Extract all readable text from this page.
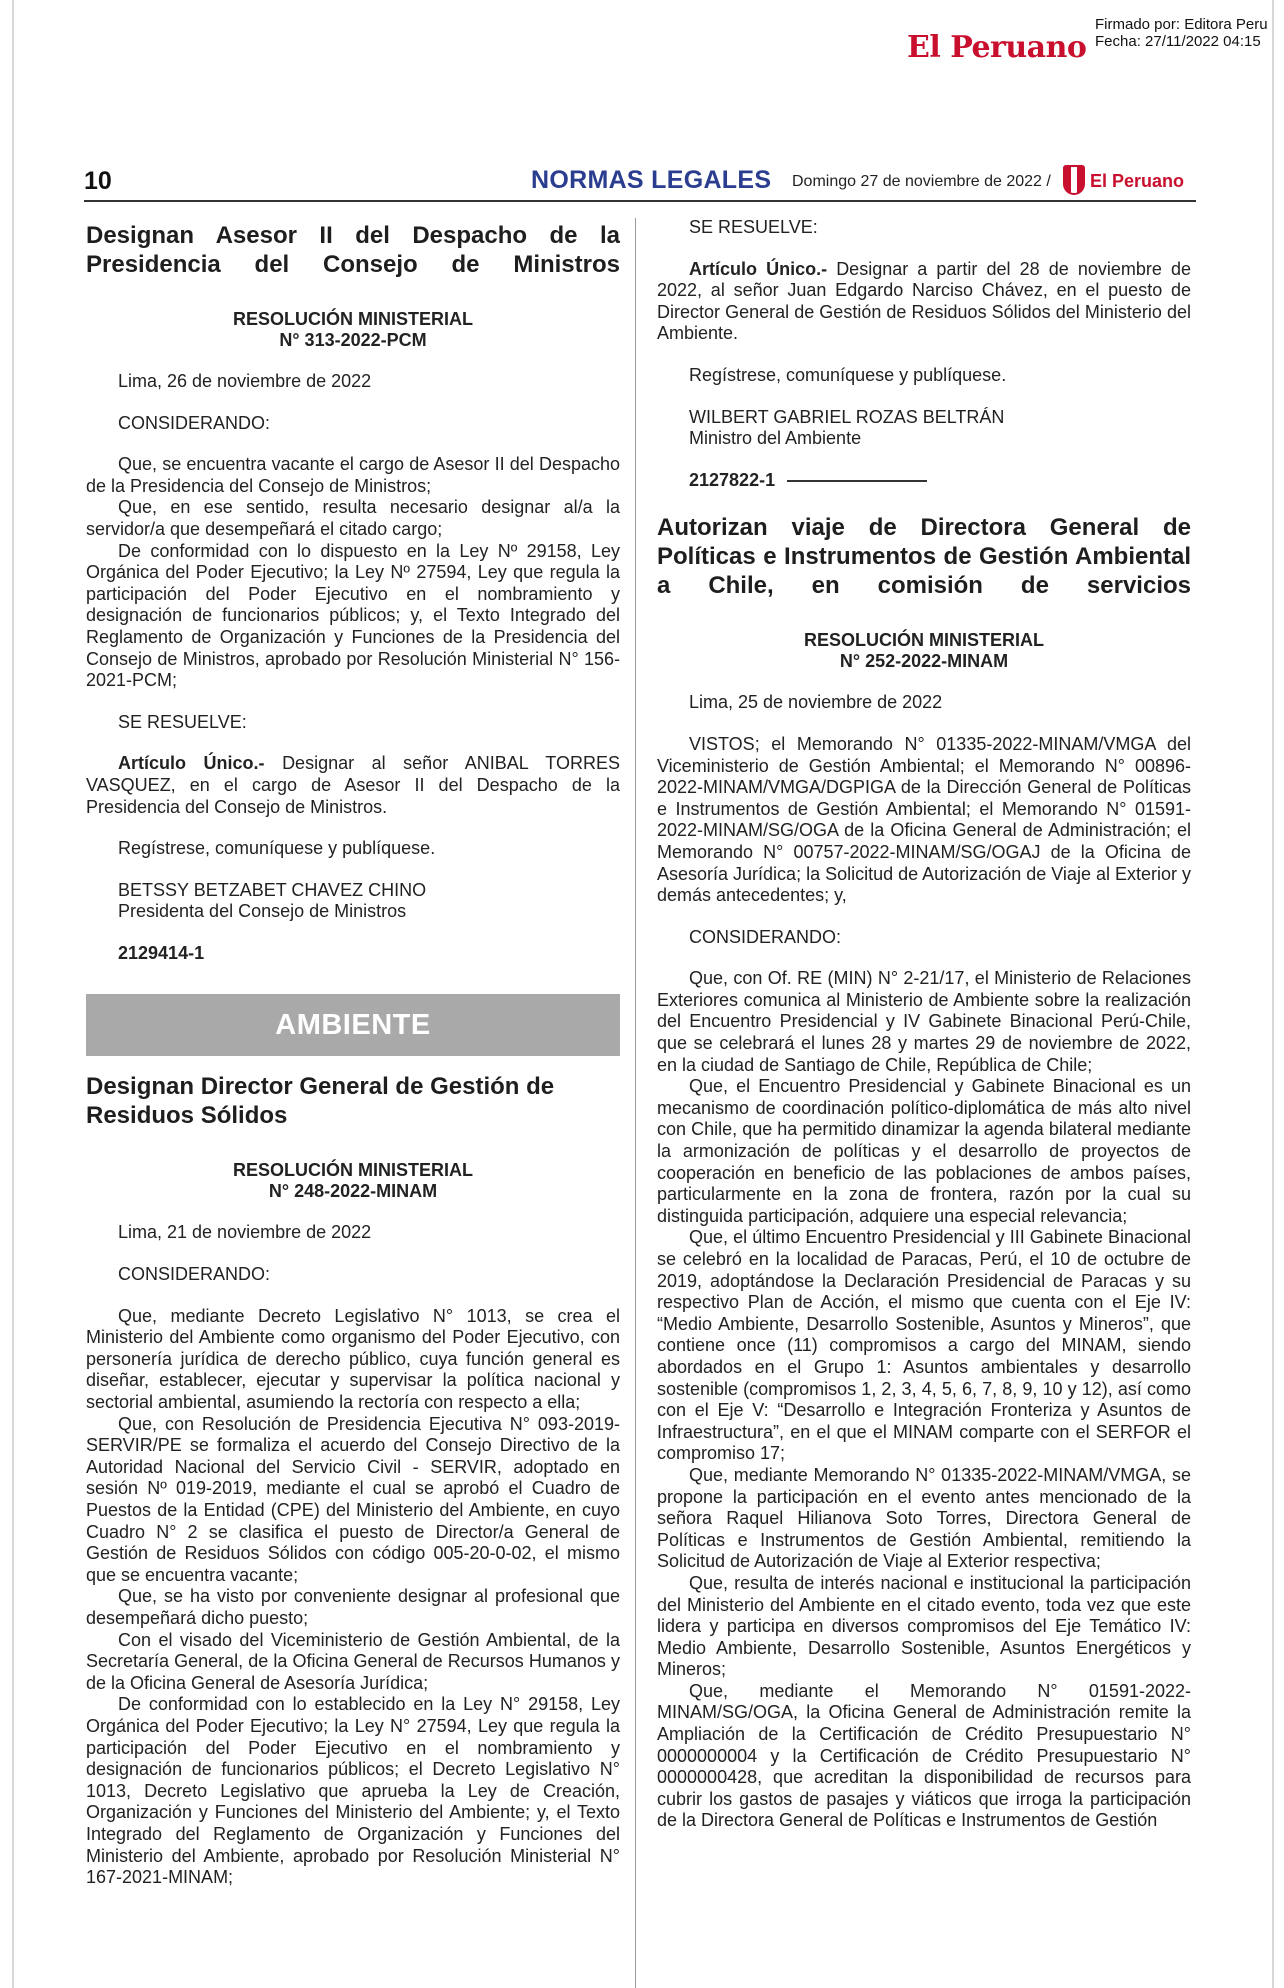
El Peruano
Firmado por: Editora Peru
Fecha: 27/11/2022 04:15
10	NORMAS LEGALES Domingo 27 de noviembre de 2022 / El Peruano
Designan Asesor II del Despacho de la Presidencia del Consejo de Ministros
RESOLUCIÓN MINISTERIAL
N° 313-2022-PCM

Lima, 26 de noviembre de 2022

CONSIDERANDO:

Que, se encuentra vacante el cargo de Asesor II del Despacho de la Presidencia del Consejo de Ministros;

Que, en ese sentido, resulta necesario designar al/a la servidor/a que desempeñará el citado cargo;

De conformidad con lo dispuesto en la Ley Nº 29158, Ley Orgánica del Poder Ejecutivo; la Ley Nº 27594, Ley que regula la participación del Poder Ejecutivo en el nombramiento y designación de funcionarios públicos; y, el Texto Integrado del Reglamento de Organización y Funciones de la Presidencia del Consejo de Ministros, aprobado por Resolución Ministerial N° 156-2021-PCM;

SE RESUELVE:

Artículo Único.- Designar al señor ANIBAL TORRES VASQUEZ, en el cargo de Asesor II del Despacho de la Presidencia del Consejo de Ministros.

Regístrese, comuníquese y publíquese.

BETSSY BETZABET CHAVEZ CHINO

Presidenta del Consejo de Ministros

2129414-1

AMBIENTE
Designan Director General de Gestión de Residuos Sólidos
RESOLUCIÓN MINISTERIAL
N° 248-2022-MINAM

Lima, 21 de noviembre de 2022

CONSIDERANDO:

Que, mediante Decreto Legislativo N° 1013, se crea el Ministerio del Ambiente como organismo del Poder Ejecutivo, con personería jurídica de derecho público, cuya función general es diseñar, establecer, ejecutar y supervisar la política nacional y sectorial ambiental, asumiendo la rectoría con respecto a ella;

Que, con Resolución de Presidencia Ejecutiva N° 093-2019-SERVIR/PE se formaliza el acuerdo del Consejo Directivo de la Autoridad Nacional del Servicio Civil - SERVIR, adoptado en sesión Nº 019-2019, mediante el cual se aprobó el Cuadro de Puestos de la Entidad (CPE) del Ministerio del Ambiente, en cuyo Cuadro N° 2 se clasifica el puesto de Director/a General de Gestión de Residuos Sólidos con código 005-20-0-02, el mismo que se encuentra vacante;

Que, se ha visto por conveniente designar al profesional que desempeñará dicho puesto;

Con el visado del Viceministerio de Gestión Ambiental, de la Secretaría General, de la Oficina General de Recursos Humanos y de la Oficina General de Asesoría Jurídica;

De conformidad con lo establecido en la Ley N° 29158, Ley Orgánica del Poder Ejecutivo; la Ley N° 27594, Ley que regula la participación del Poder Ejecutivo en el nombramiento y designación de funcionarios públicos; el Decreto Legislativo N° 1013, Decreto Legislativo que aprueba la Ley de Creación, Organización y Funciones del Ministerio del Ambiente; y, el Texto Integrado del Reglamento de Organización y Funciones del Ministerio del Ambiente, aprobado por Resolución Ministerial N° 167-2021-MINAM;

SE RESUELVE:

Artículo Único.- Designar a partir del 28 de noviembre de 2022, al señor Juan Edgardo Narciso Chávez, en el puesto de Director General de Gestión de Residuos Sólidos del Ministerio del Ambiente.

Regístrese, comuníquese y publíquese.

WILBERT GABRIEL ROZAS BELTRÁN

Ministro del Ambiente

2127822-1

Autorizan viaje de Directora General de Políticas e Instrumentos de Gestión Ambiental a Chile, en comisión de servicios
RESOLUCIÓN MINISTERIAL
N° 252-2022-MINAM

Lima, 25 de noviembre de 2022

VISTOS; el Memorando N° 01335-2022-MINAM/VMGA del Viceministerio de Gestión Ambiental; el Memorando N° 00896-2022-MINAM/VMGA/DGPIGA de la Dirección General de Políticas e Instrumentos de Gestión Ambiental; el Memorando N° 01591-2022-MINAM/SG/OGA de la Oficina General de Administración; el Memorando N° 00757-2022-MINAM/SG/OGAJ de la Oficina de Asesoría Jurídica; la Solicitud de Autorización de Viaje al Exterior y demás antecedentes; y,

CONSIDERANDO:

Que, con Of. RE (MIN) N° 2-21/17, el Ministerio de Relaciones Exteriores comunica al Ministerio de Ambiente sobre la realización del Encuentro Presidencial y IV Gabinete Binacional Perú-Chile, que se celebrará el lunes 28 y martes 29 de noviembre de 2022, en la ciudad de Santiago de Chile, República de Chile;

Que, el Encuentro Presidencial y Gabinete Binacional es un mecanismo de coordinación político-diplomática de más alto nivel con Chile, que ha permitido dinamizar la agenda bilateral mediante la armonización de políticas y el desarrollo de proyectos de cooperación en beneficio de las poblaciones de ambos países, particularmente en la zona de frontera, razón por la cual su distinguida participación, adquiere una especial relevancia;

Que, el último Encuentro Presidencial y III Gabinete Binacional se celebró en la localidad de Paracas, Perú, el 10 de octubre de 2019, adoptándose la Declaración Presidencial de Paracas y su respectivo Plan de Acción, el mismo que cuenta con el Eje IV: “Medio Ambiente, Desarrollo Sostenible, Asuntos y Mineros”, que contiene once (11) compromisos a cargo del MINAM, siendo abordados en el Grupo 1: Asuntos ambientales y desarrollo sostenible (compromisos 1, 2, 3, 4, 5, 6, 7, 8, 9, 10 y 12), así como con el Eje V: “Desarrollo e Integración Fronteriza y Asuntos de Infraestructura”, en el que el MINAM comparte con el SERFOR el compromiso 17;

Que, mediante Memorando N° 01335-2022-MINAM/VMGA, se propone la participación en el evento antes mencionado de la señora Raquel Hilianova Soto Torres, Directora General de Políticas e Instrumentos de Gestión Ambiental, remitiendo la Solicitud de Autorización de Viaje al Exterior respectiva;

Que, resulta de interés nacional e institucional la participación del Ministerio del Ambiente en el citado evento, toda vez que este lidera y participa en diversos compromisos del Eje Temático IV: Medio Ambiente, Desarrollo Sostenible, Asuntos Energéticos y Mineros;

Que, mediante el Memorando N° 01591-2022-MINAM/SG/OGA, la Oficina General de Administración remite la Ampliación de la Certificación de Crédito Presupuestario N° 0000000004 y la Certificación de Crédito Presupuestario N° 0000000428, que acreditan la disponibilidad de recursos para cubrir los gastos de pasajes y viáticos que irroga la participación de la Directora General de Políticas e Instrumentos de Gestión
